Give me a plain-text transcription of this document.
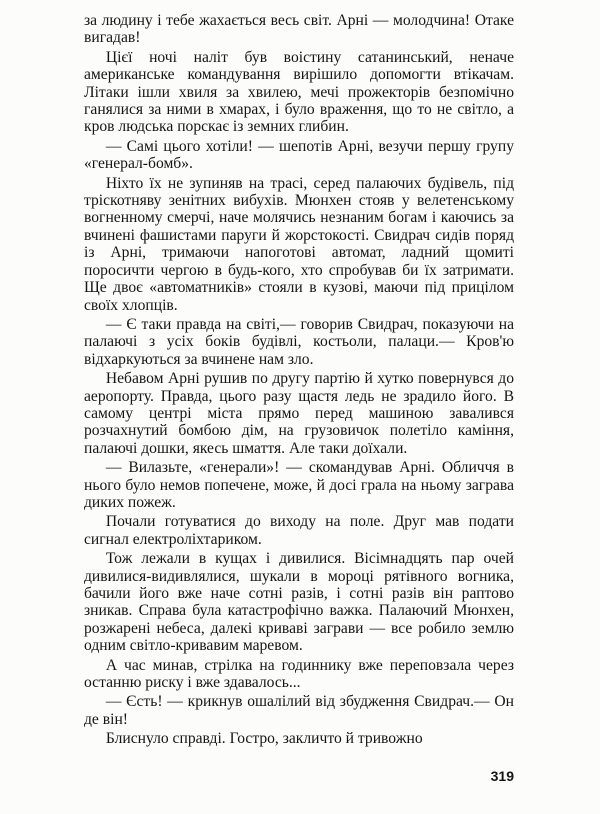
за людину і тебе жахається весь світ. Арні — молодчина! Отаке вигадав!

Цієї ночі наліт був воістину сатанинський, неначе американське командування вирішило допомогти втікачам. Літаки ішли хвиля за хвилею, мечі прожекторів безпомічно ганялися за ними в хмарах, і було враження, що то не світло, а кров людська порскає із земних глибин.

— Самі цього хотіли! — шепотів Арні, везучи першу групу «генерал-бомб».

Ніхто їх не зупиняв на трасі, серед палаючих будівель, під тріскотняву зенітних вибухів. Мюнхен стояв у велетенському вогненному смерчі, наче молячись незнаним богам і каючись за вчинені фашистами паруги й жорстокості. Свидрач сидів поряд із Арні, тримаючи напоготові автомат, ладний щомиті поросичти чергою в будь-кого, хто спробував би їх затримати. Ще двоє «автоматників» стояли в кузові, маючи під прицілом своїх хлопців.

— Є таки правда на світі,— говорив Свидрач, показуючи на палаючі з усіх боків будівлі, костьоли, палаци.— Кров'ю відхаркуються за вчинене нам зло.

Небавом Арні рушив по другу партію й хутко повернувся до аеропорту. Правда, цього разу щастя ледь не зрадило його. В самому центрі міста прямо перед машиною завалився розчахнутий бомбою дім, на грузовичок полетіло каміння, палаючі дошки, якесь шмаття. Але таки доїхали.

— Вилазьте, «генерали»! — скомандував Арні. Обличчя в нього було немов попечене, може, й досі грала на ньому заграва диких пожеж.

Почали готуватися до виходу на поле. Друг мав подати сигнал електроліхтариком.

Тож лежали в кущах і дивилися. Вісімнадцять пар очей дивилися-видивлялися, шукали в мороці рятівного вогника, бачили його вже наче сотні разів, і сотні разів він раптово зникав. Справа була катастрофічно важка. Палаючий Мюнхен, розжарені небеса, далекі криваві заграви — все робило землю одним світло-кривавим маревом.

А час минав, стрілка на годиннику вже переповзала через останню риску і вже здавалось...

— Єсть! — крикнув ошалілий від збудження Свидрач.— Он де він!

Блиснуло справді. Гостро, закличто й тривожно

319
